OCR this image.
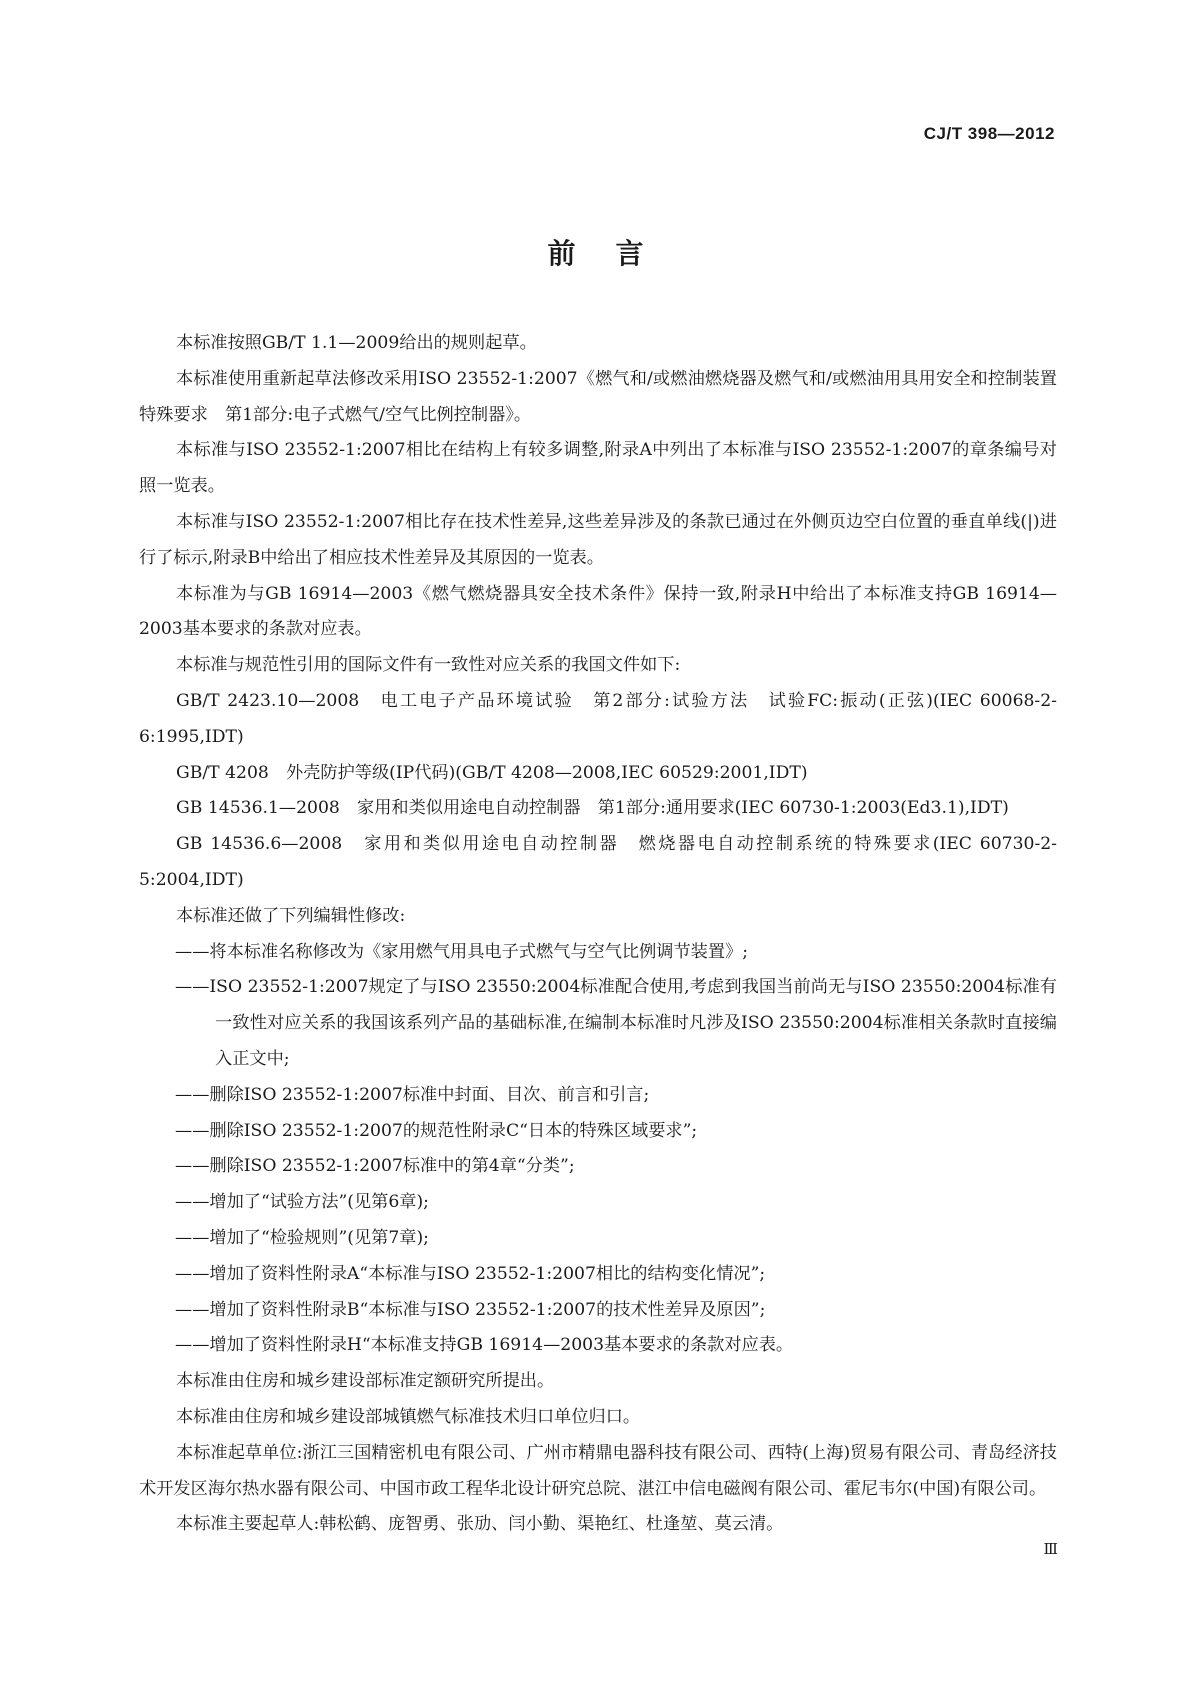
CJ/T 398—2012
前言
本标准按照GB/T 1.1—2009给出的规则起草。
本标准使用重新起草法修改采用ISO 23552-1:2007《燃气和/或燃油燃烧器及燃气和/或燃油用具用安全和控制装置　特殊要求　第1部分:电子式燃气/空气比例控制器》。
本标准与ISO 23552-1:2007相比在结构上有较多调整,附录A中列出了本标准与ISO 23552-1:2007的章条编号对照一览表。
本标准与ISO 23552-1:2007相比存在技术性差异,这些差异涉及的条款已通过在外侧页边空白位置的垂直单线(|)进行了标示,附录B中给出了相应技术性差异及其原因的一览表。
本标准为与GB 16914—2003《燃气燃烧器具安全技术条件》保持一致,附录H中给出了本标准支持GB 16914—2003基本要求的条款对应表。
本标准与规范性引用的国际文件有一致性对应关系的我国文件如下:
GB/T 2423.10—2008　电工电子产品环境试验　第2部分:试验方法　试验FC:振动(正弦)(IEC 60068-2-6:1995,IDT)
GB/T 4208　外壳防护等级(IP代码)(GB/T 4208—2008,IEC 60529:2001,IDT)
GB 14536.1—2008　家用和类似用途电自动控制器　第1部分:通用要求(IEC 60730-1:2003(Ed3.1),IDT)
GB 14536.6—2008　家用和类似用途电自动控制器　燃烧器电自动控制系统的特殊要求(IEC 60730-2-5:2004,IDT)
本标准还做了下列编辑性修改:
——将本标准名称修改为《家用燃气用具电子式燃气与空气比例调节装置》;
——ISO 23552-1:2007规定了与ISO 23550:2004标准配合使用,考虑到我国当前尚无与ISO 23550:2004标准有一致性对应关系的我国该系列产品的基础标准,在编制本标准时凡涉及ISO 23550:2004标准相关条款时直接编入正文中;
——删除ISO 23552-1:2007标准中封面、目次、前言和引言;
——删除ISO 23552-1:2007的规范性附录C“日本的特殊区域要求”;
——删除ISO 23552-1:2007标准中的第4章“分类”;
——增加了“试验方法”(见第6章);
——增加了“检验规则”(见第7章);
——增加了资料性附录A“本标准与ISO 23552-1:2007相比的结构变化情况”;
——增加了资料性附录B“本标准与ISO 23552-1:2007的技术性差异及原因”;
——增加了资料性附录H“本标准支持GB 16914—2003基本要求的条款对应表。
本标准由住房和城乡建设部标准定额研究所提出。
本标准由住房和城乡建设部城镇燃气标准技术归口单位归口。
本标准起草单位:浙江三国精密机电有限公司、广州市精鼎电器科技有限公司、西特(上海)贸易有限公司、青岛经济技术开发区海尔热水器有限公司、中国市政工程华北设计研究总院、湛江中信电磁阀有限公司、霍尼韦尔(中国)有限公司。
本标准主要起草人:韩松鹤、庞智勇、张劢、闫小勤、渠艳红、杜逢堃、莫云清。
Ⅲ
